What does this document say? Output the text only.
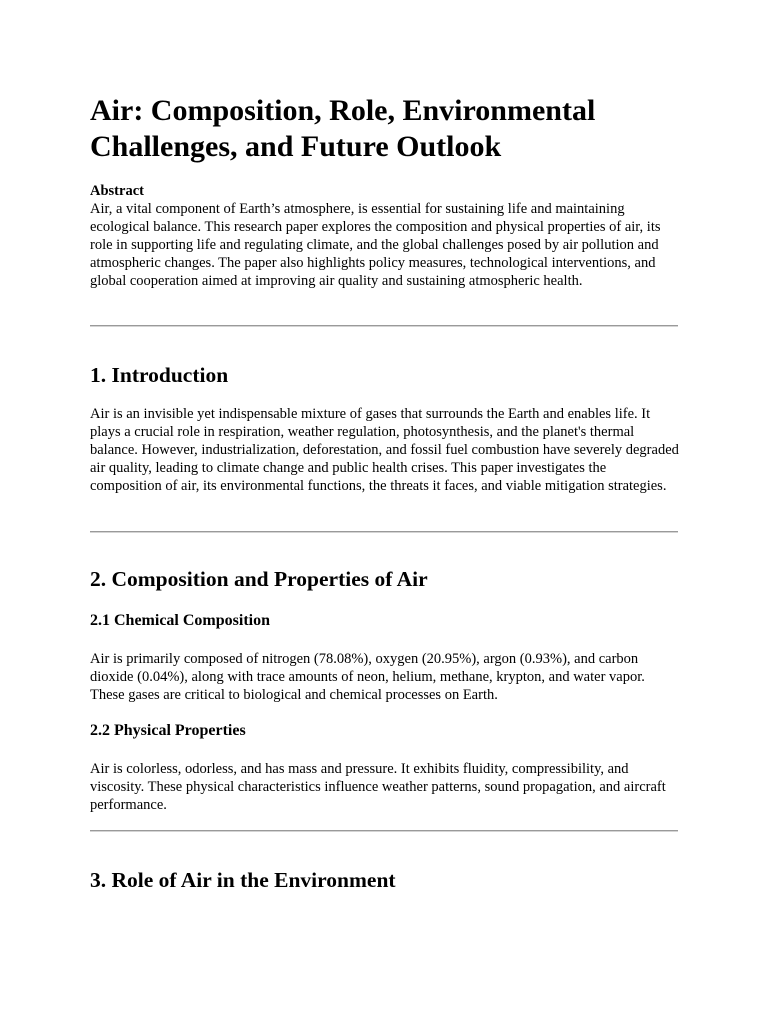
Air: Composition, Role, Environmental Challenges, and Future Outlook
Abstract

Air, a vital component of Earth’s atmosphere, is essential for sustaining life and maintaining ecological balance. This research paper explores the composition and physical properties of air, its role in supporting life and regulating climate, and the global challenges posed by air pollution and atmospheric changes. The paper also highlights policy measures, technological interventions, and global cooperation aimed at improving air quality and sustaining atmospheric health.

1. Introduction

Air is an invisible yet indispensable mixture of gases that surrounds the Earth and enables life. It plays a crucial role in respiration, weather regulation, photosynthesis, and the planet's thermal balance. However, industrialization, deforestation, and fossil fuel combustion have severely degraded air quality, leading to climate change and public health crises. This paper investigates the composition of air, its environmental functions, the threats it faces, and viable mitigation strategies.

2. Composition and Properties of Air
2.1 Chemical Composition

Air is primarily composed of nitrogen (78.08%), oxygen (20.95%), argon (0.93%), and carbon dioxide (0.04%), along with trace amounts of neon, helium, methane, krypton, and water vapor. These gases are critical to biological and chemical processes on Earth.

2.2 Physical Properties

Air is colorless, odorless, and has mass and pressure. It exhibits fluidity, compressibility, and viscosity. These physical characteristics influence weather patterns, sound propagation, and aircraft performance.

3. Role of Air in the Environment
